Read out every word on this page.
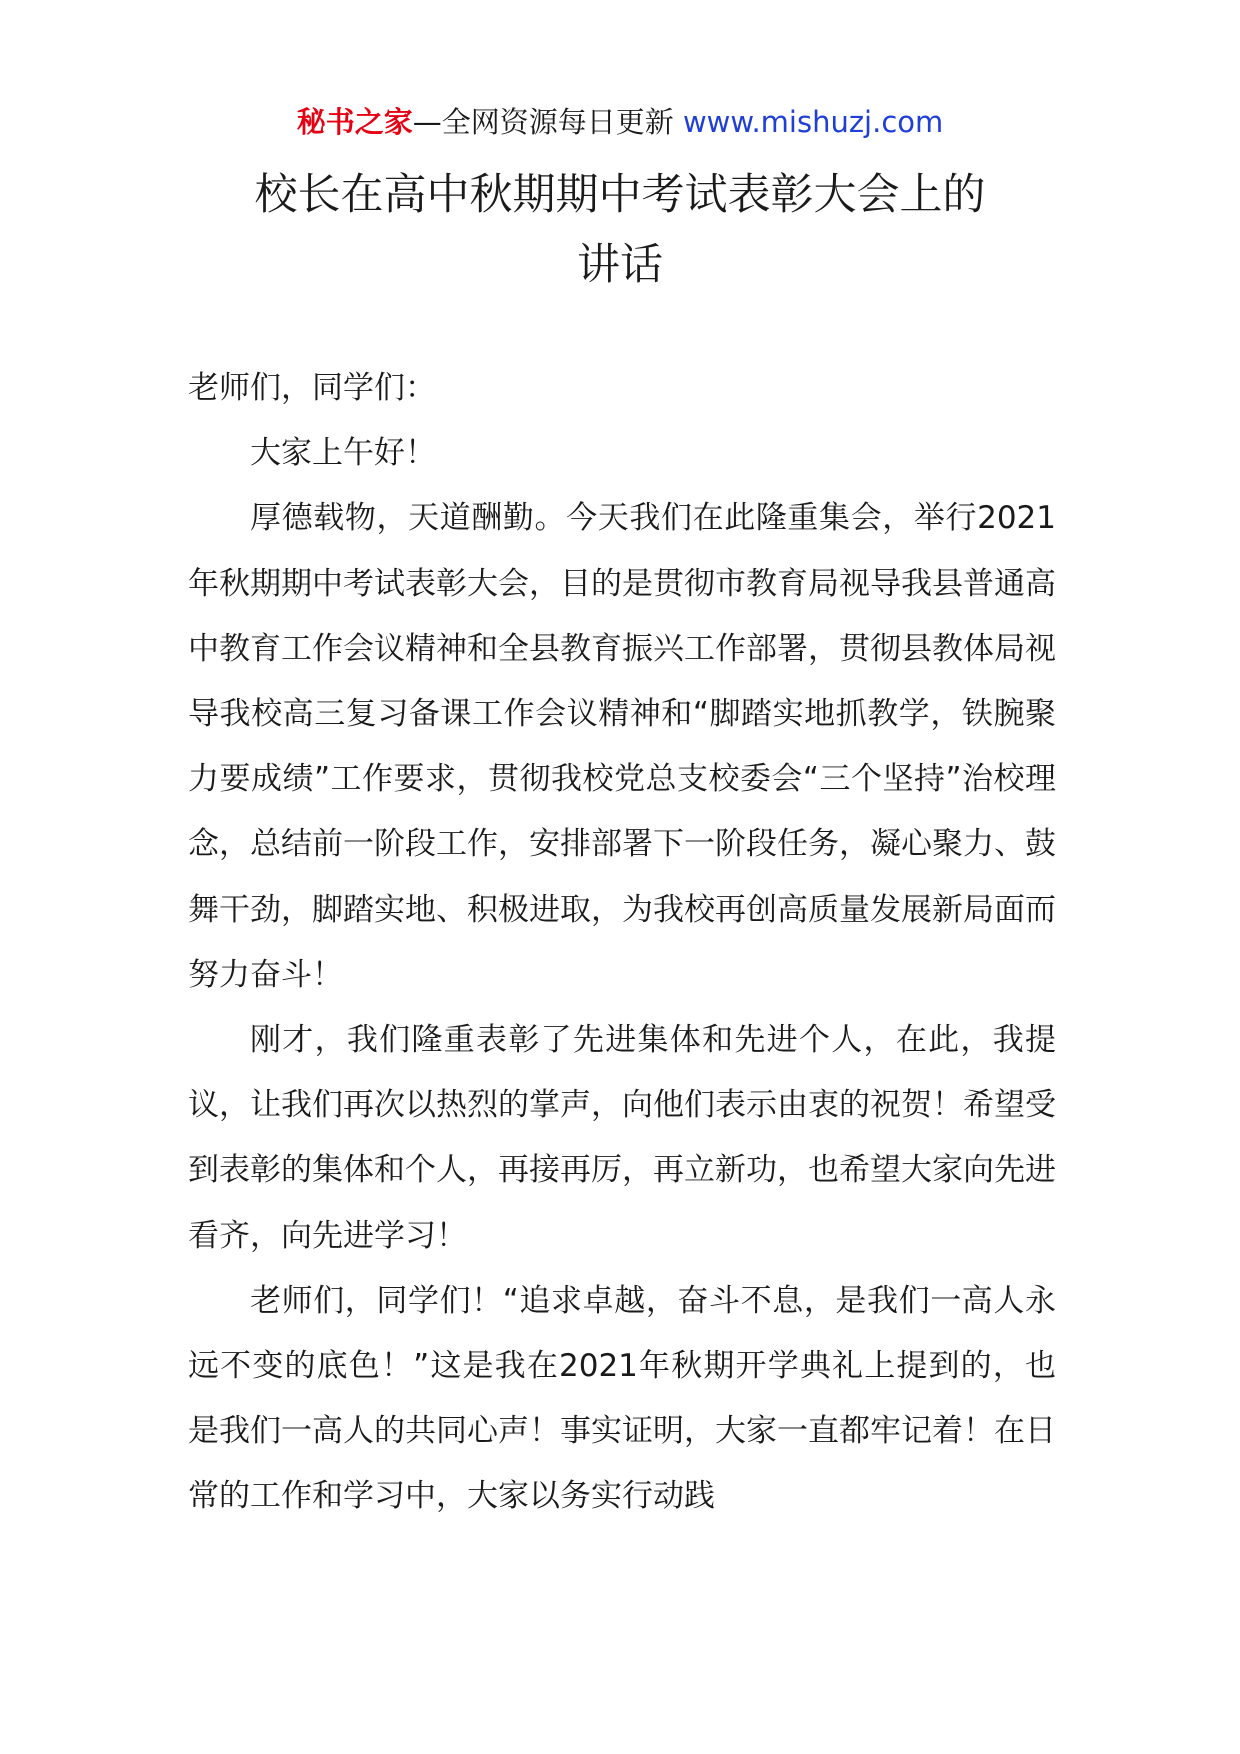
秘书之家—全网资源每日更新 www.mishuzj.com
校长在高中秋期期中考试表彰大会上的
讲话

老师们，同学们：

大家上午好！

厚德载物，天道酬勤。今天我们在此隆重集会，举行2021年秋期期中考试表彰大会，目的是贯彻市教育局视导我县普通高中教育工作会议精神和全县教育振兴工作部署，贯彻县教体局视导我校高三复习备课工作会议精神和“脚踏实地抓教学，铁腕聚力要成绩”工作要求，贯彻我校党总支校委会“三个坚持”治校理念，总结前一阶段工作，安排部署下一阶段任务，凝心聚力、鼓舞干劲，脚踏实地、积极进取，为我校再创高质量发展新局面而努力奋斗！

刚才，我们隆重表彰了先进集体和先进个人，在此，我提议，让我们再次以热烈的掌声，向他们表示由衷的祝贺！希望受到表彰的集体和个人，再接再厉，再立新功，也希望大家向先进看齐，向先进学习！

老师们，同学们！“追求卓越，奋斗不息，是我们一高人永远不变的底色！”这是我在2021年秋期开学典礼上提到的，也是我们一高人的共同心声！事实证明，大家一直都牢记着！在日常的工作和学习中，大家以务实行动践
